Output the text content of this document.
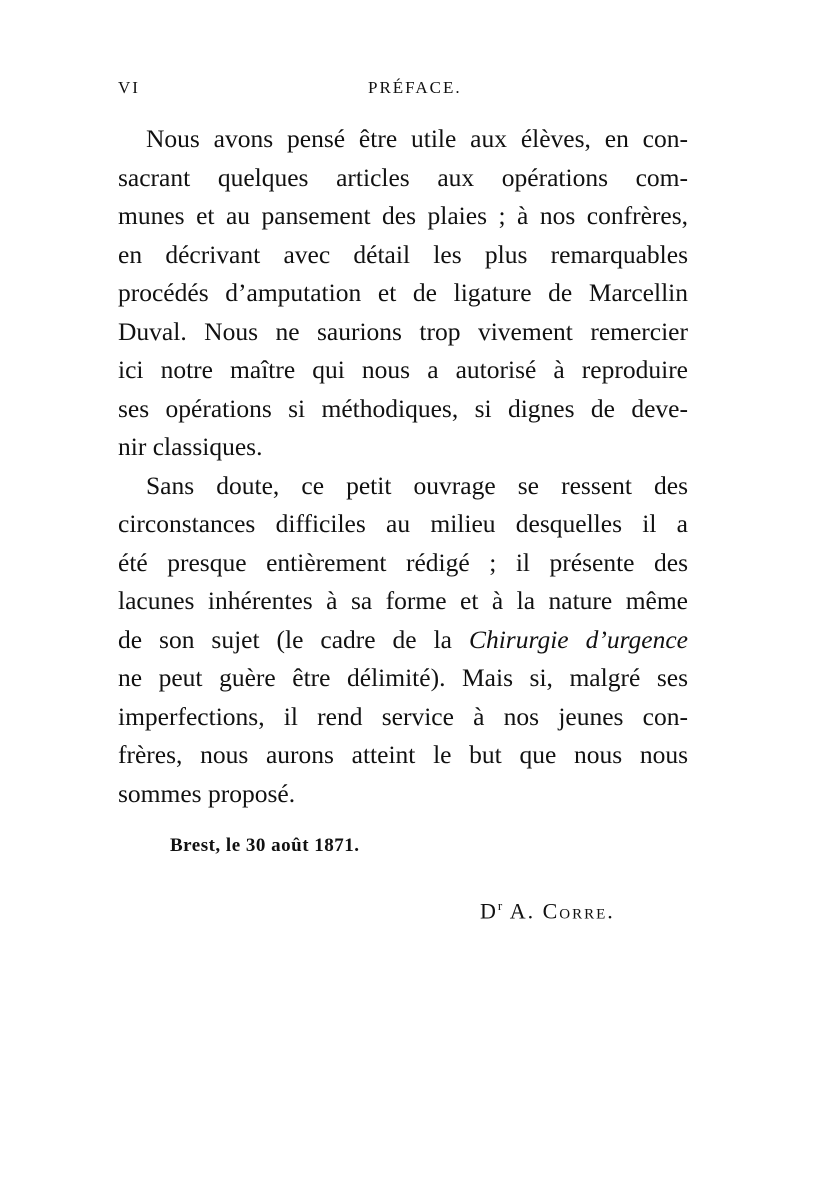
VI	PRÉFACE.

Nous avons pensé être utile aux élèves, en con-
sacrant quelques articles aux opérations com-
munes et au pansement des plaies ; à nos confrères,
en décrivant avec détail les plus remarquables
procédés d’amputation et de ligature de Marcellin
Duval. Nous ne saurions trop vivement remercier
ici notre maître qui nous a autorisé à reproduire
ses opérations si méthodiques, si dignes de deve-
nir classiques.

Sans doute, ce petit ouvrage se ressent des
circonstances difficiles au milieu desquelles il a
été presque entièrement rédigé ; il présente des
lacunes inhérentes à sa forme et à la nature même
de son sujet (le cadre de la Chirurgie d’urgence
ne peut guère être délimité). Mais si, malgré ses
imperfections, il rend service à nos jeunes con-
frères, nous aurons atteint le but que nous nous
sommes proposé.

Brest, le 30 août 1871.
$D^r$ A. Corre.
